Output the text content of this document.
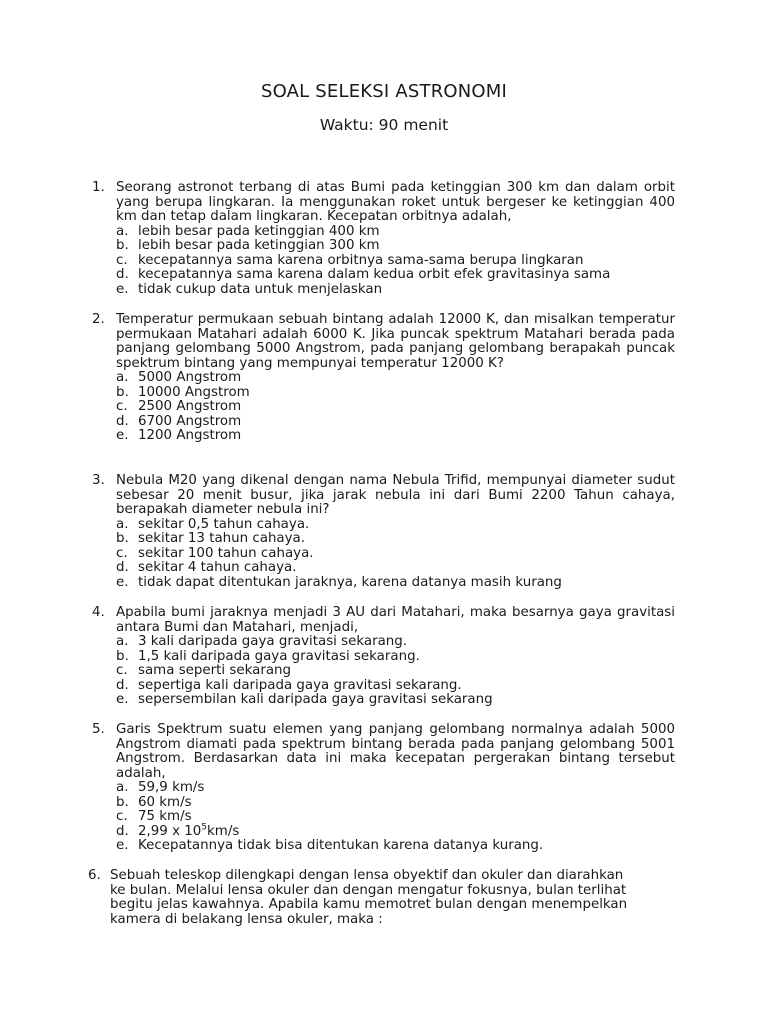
SOAL SELEKSI ASTRONOMI
Waktu: 90 menit
1. Seorang astronot terbang di atas Bumi pada ketinggian 300 km dan dalam orbit yang berupa lingkaran. Ia menggunakan roket untuk bergeser ke ketinggian 400 km dan tetap dalam lingkaran. Kecepatan orbitnya adalah,
a. lebih besar pada ketinggian 400 km
b. lebih besar pada ketinggian 300 km
c. kecepatannya sama karena orbitnya sama-sama berupa lingkaran
d. kecepatannya sama karena dalam kedua orbit efek gravitasinya sama
e. tidak cukup data untuk menjelaskan
2. Temperatur permukaan sebuah bintang adalah 12000 K, dan misalkan temperatur permukaan Matahari adalah 6000 K. Jika puncak spektrum Matahari berada pada panjang gelombang 5000 Angstrom, pada panjang gelombang berapakah puncak spektrum bintang yang mempunyai temperatur 12000 K?
a. 5000 Angstrom
b. 10000 Angstrom
c. 2500 Angstrom
d. 6700 Angstrom
e. 1200 Angstrom
3. Nebula M20 yang dikenal dengan nama Nebula Trifid, mempunyai diameter sudut sebesar 20 menit busur, jika jarak nebula ini dari Bumi 2200 Tahun cahaya, berapakah diameter nebula ini?
a. sekitar 0,5 tahun cahaya.
b. sekitar 13 tahun cahaya.
c. sekitar 100 tahun cahaya.
d. sekitar 4 tahun cahaya.
e. tidak dapat ditentukan jaraknya, karena datanya masih kurang
4. Apabila bumi jaraknya menjadi 3 AU dari Matahari, maka besarnya gaya gravitasi antara Bumi dan Matahari, menjadi,
a. 3 kali daripada gaya gravitasi sekarang.
b. 1,5 kali daripada gaya gravitasi sekarang.
c. sama seperti sekarang
d. sepertiga kali daripada gaya gravitasi sekarang.
e. sepersembilan kali daripada gaya gravitasi sekarang
5. Garis Spektrum suatu elemen yang panjang gelombang normalnya adalah 5000 Angstrom diamati pada spektrum bintang berada pada panjang gelombang 5001 Angstrom. Berdasarkan data ini maka kecepatan pergerakan bintang tersebut adalah,
a. 59,9 km/s
b. 60 km/s
c. 75 km/s
d. 2,99 x $10^5km/s$
e. Kecepatannya tidak bisa ditentukan karena datanya kurang.
6. Sebuah teleskop dilengkapi dengan lensa obyektif dan okuler dan diarahkan
ke bulan. Melalui lensa okuler dan dengan mengatur fokusnya, bulan terlihat
begitu jelas kawahnya. Apabila kamu memotret bulan dengan menempelkan
kamera di belakang lensa okuler, maka :
